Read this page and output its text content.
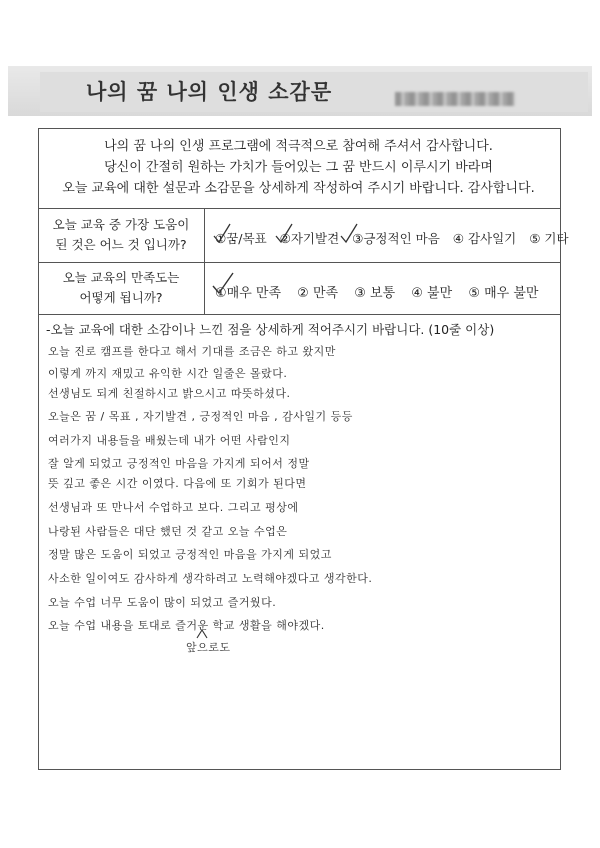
나의 꿈 나의 인생 소감문
나의 꿈 나의 인생 프로그램에 적극적으로 참여해 주셔서 감사합니다.
당신이 간절히 원하는 가치가 들어있는 그 꿈 반드시 이루시기 바라며
오늘 교육에 대한 설문과 소감문을 상세하게 작성하여 주시기 바랍니다. 감사합니다.
오늘 교육 중 가장 도움이
된 것은 어느 것 입니까?	①꿈/목표 ②자기발견 ③긍정적인 마음 ④ 감사일기 ⑤ 기타
오늘 교육의 만족도는
어떻게 됩니까?	①매우 만족 ② 만족 ③ 보통 ④ 불만 ⑤ 매우 불만
-오늘 교육에 대한 소감이나 느낀 점을 상세하게 적어주시기 바랍니다. (10줄 이상)
오늘 진로 캠프를 한다고 해서 기대를 조금은 하고 왔지만
이렇게 까지 재밌고 유익한 시간 일줄은 몰랐다.
선생님도 되게 친절하시고 밝으시고 따뜻하셨다.
오늘은 꿈 / 목표 , 자기발견 , 긍정적인 마음 , 감사일기 등등
여러가지 내용들을 배웠는데 내가 어떤 사람인지
잘 알게 되었고 긍정적인 마음을 가지게 되어서 정말
뜻 깊고 좋은 시간 이였다. 다음에 또 기회가 된다면
선생님과 또 만나서 수업하고 보다. 그리고 평상에
나랑된 사람들은 대단 했던 것 같고 오늘 수업은
정말 많은 도움이 되었고 긍정적인 마음을 가지게 되었고
사소한 일이여도 감사하게 생각하려고 노력해야겠다고 생각한다.
오늘 수업 너무 도움이 많이 되었고 즐거웠다.
오늘 수업 내용을 토대로 즐거운 학교 생활을 해야겠다.
앞으로도
